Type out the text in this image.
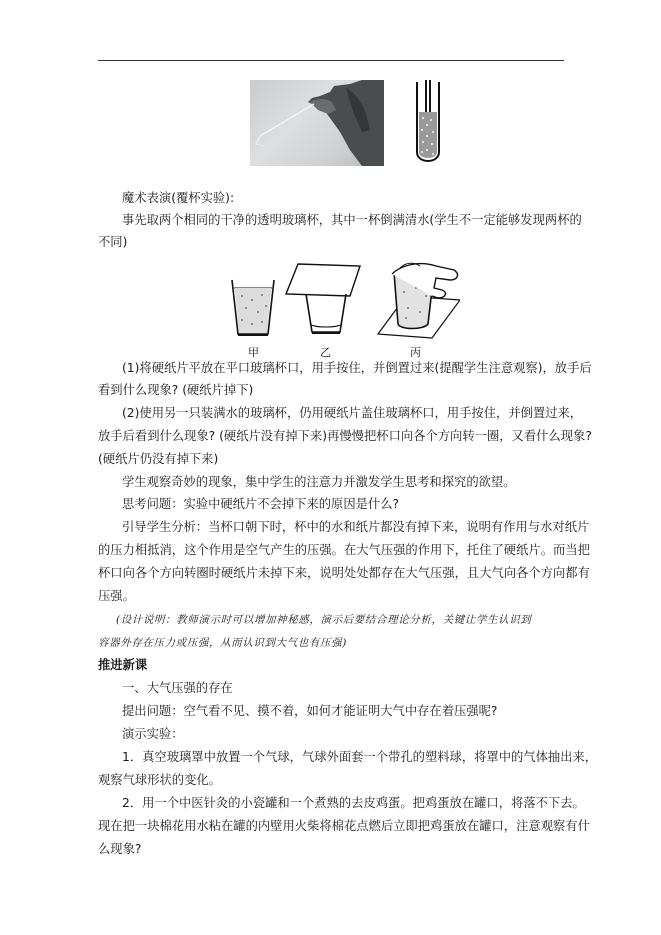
甲	乙	丙
魔术表演(覆杯实验):
事先取两个相同的干净的透明玻璃杯，其中一杯倒满清水(学生不一定能够发现两杯的
不同)
(1)将硬纸片平放在平口玻璃杯口，用手按住，并倒置过来(提醒学生注意观察)，放手后
看到什么现象? (硬纸片掉下)
(2)使用另一只装满水的玻璃杯，仍用硬纸片盖住玻璃杯口，用手按住，并倒置过来，
放手后看到什么现象? (硬纸片没有掉下来)再慢慢把杯口向各个方向转一圈，又看什么现象?
(硬纸片仍没有掉下来)
学生观察奇妙的现象，集中学生的注意力并激发学生思考和探究的欲望。
思考问题：实验中硬纸片不会掉下来的原因是什么?
引导学生分析：当杯口朝下时，杯中的水和纸片都没有掉下来，说明有作用与水对纸片
的压力相抵消，这个作用是空气产生的压强。在大气压强的作用下，托住了硬纸片。而当把
杯口向各个方向转圈时硬纸片未掉下来，说明处处都存在大气压强，且大气向各个方向都有
压强。
(设计说明：教师演示时可以增加神秘感，演示后要结合理论分析，关键让学生认识到
容器外存在压力或压强，从而认识到大气也有压强)
推进新课
一、大气压强的存在
提出问题：空气看不见、摸不着，如何才能证明大气中存在着压强呢?
演示实验：
1．真空玻璃罩中放置一个气球，气球外面套一个带孔的塑料球，将罩中的气体抽出来，
观察气球形状的变化。
2．用一个中医针灸的小瓷罐和一个煮熟的去皮鸡蛋。把鸡蛋放在罐口，将落不下去。
现在把一块棉花用水粘在罐的内壁用火柴将棉花点燃后立即把鸡蛋放在罐口，注意观察有什
么现象?
